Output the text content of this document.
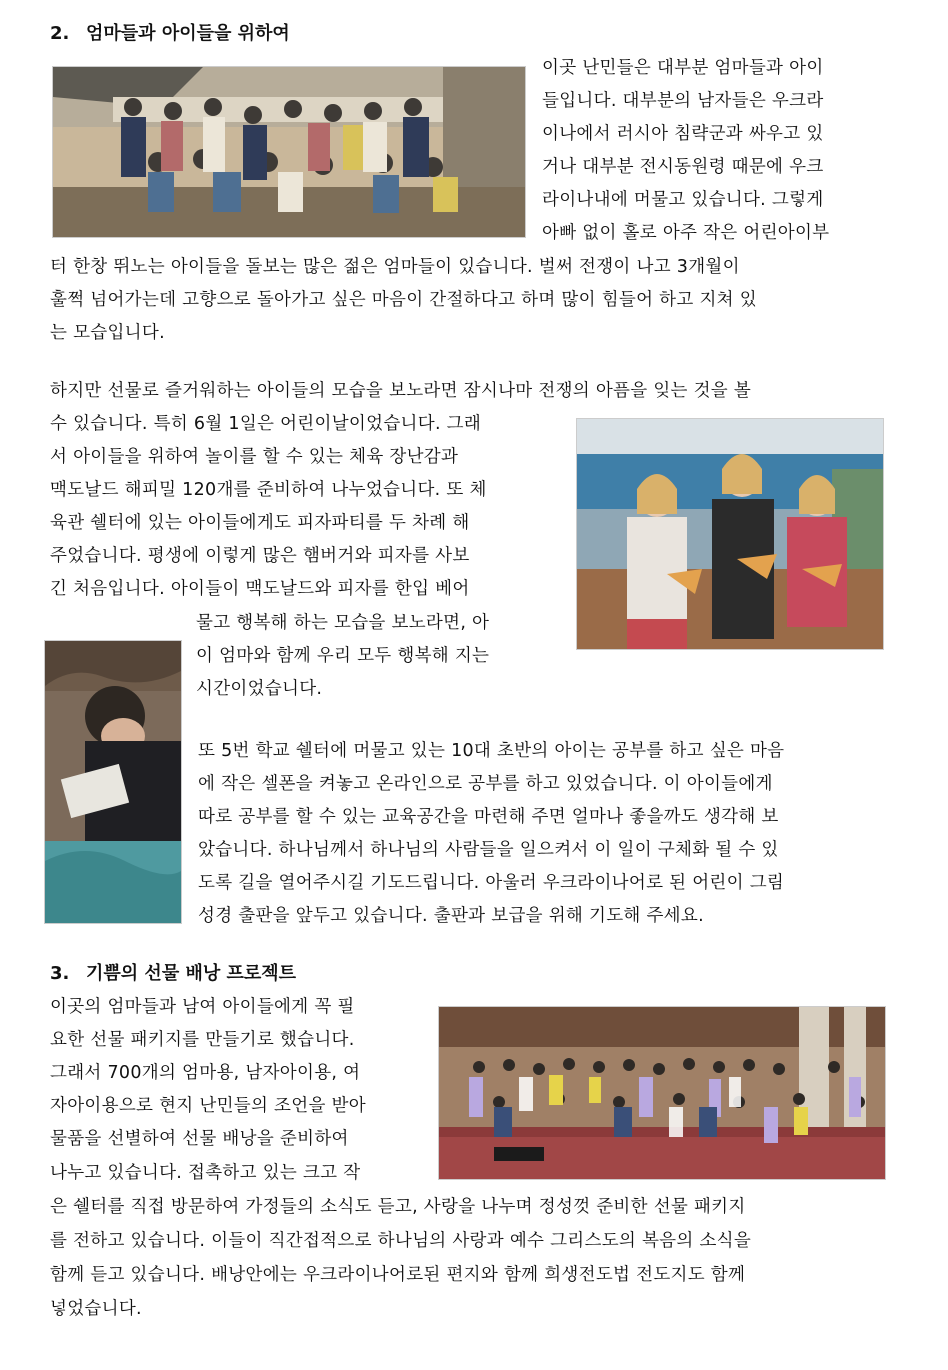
2. 엄마들과 아이들을 위하여
이곳 난민들은 대부분 엄마들과 아이
들입니다. 대부분의 남자들은 우크라
이나에서 러시아 침략군과 싸우고 있
거나 대부분 전시동원령 때문에 우크
라이나내에 머물고 있습니다. 그렇게
아빠 없이 홀로 아주 작은 어린아이부
터 한창 뛰노는 아이들을 돌보는 많은 젊은 엄마들이 있습니다. 벌써 전쟁이 나고 3개월이
훌쩍 넘어가는데 고향으로 돌아가고 싶은 마음이 간절하다고 하며 많이 힘들어 하고 지쳐 있
는 모습입니다.
하지만 선물로 즐거워하는 아이들의 모습을 보노라면 잠시나마 전쟁의 아픔을 잊는 것을 볼
수 있습니다. 특히 6월 1일은 어린이날이었습니다. 그래
서 아이들을 위하여 놀이를 할 수 있는 체육 장난감과
맥도날드 해피밀 120개를 준비하여 나누었습니다. 또 체
육관 쉘터에 있는 아이들에게도 피자파티를 두 차례 해
주었습니다. 평생에 이렇게 많은 햄버거와 피자를 사보
긴 처음입니다. 아이들이 맥도날드와 피자를 한입 베어
물고 행복해 하는 모습을 보노라면, 아
이 엄마와 함께 우리 모두 행복해 지는
시간이었습니다.
또 5번 학교 쉘터에 머물고 있는 10대 초반의 아이는 공부를 하고 싶은 마음
에 작은 셀폰을 켜놓고 온라인으로 공부를 하고 있었습니다. 이 아이들에게
따로 공부를 할 수 있는 교육공간을 마련해 주면 얼마나 좋을까도 생각해 보
았습니다. 하나님께서 하나님의 사람들을 일으켜서 이 일이 구체화 될 수 있
도록 길을 열어주시길 기도드립니다. 아울러 우크라이나어로 된 어린이 그림
성경 출판을 앞두고 있습니다. 출판과 보급을 위해 기도해 주세요.
3. 기쁨의 선물 배낭 프로젝트
이곳의 엄마들과 남여 아이들에게 꼭 필
요한 선물 패키지를 만들기로 했습니다.
그래서 700개의 엄마용, 남자아이용, 여
자아이용으로 현지 난민들의 조언을 받아
물품을 선별하여 선물 배낭을 준비하여
나누고 있습니다. 접촉하고 있는 크고 작
은 쉘터를 직접 방문하여 가정들의 소식도 듣고, 사랑을 나누며 정성껏 준비한 선물 패키지
를 전하고 있습니다. 이들이 직간접적으로 하나님의 사랑과 예수 그리스도의 복음의 소식을
함께 듣고 있습니다. 배낭안에는 우크라이나어로된 편지와 함께 희생전도법 전도지도 함께
넣었습니다.
